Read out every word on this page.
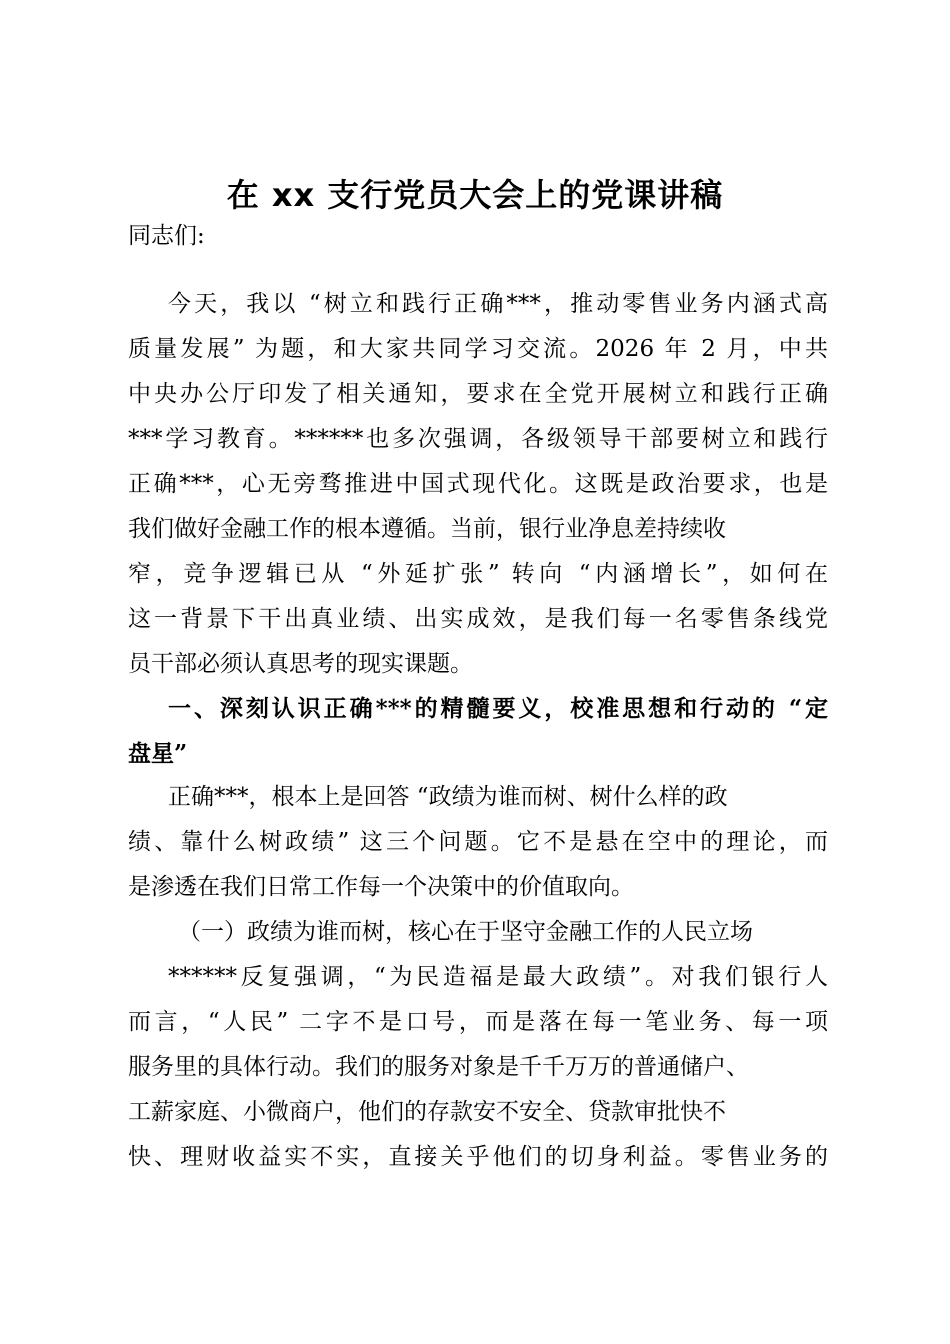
在 xx 支行党员大会上的党课讲稿
同志们:
今天，我以 “树立和践行正确***，推动零售业务内涵式高
质量发展” 为题，和大家共同学习交流。2026 年 2 月，中共
中央办公厅印发了相关通知，要求在全党开展树立和践行正确
***学习教育。******也多次强调，各级领导干部要树立和践行
正确***，心无旁骛推进中国式现代化。这既是政治要求，也是
我们做好金融工作的根本遵循。当前，银行业净息差持续收
窄，竞争逻辑已从 “外延扩张” 转向 “内涵增长”，如何在
这一背景下干出真业绩、出实成效，是我们每一名零售条线党
员干部必须认真思考的现实课题。
一、深刻认识正确***的精髓要义，校准思想和行动的 “定
盘星”
正确***，根本上是回答 “政绩为谁而树、树什么样的政
绩、靠什么树政绩” 这三个问题。它不是悬在空中的理论，而
是渗透在我们日常工作每一个决策中的价值取向。
（一）政绩为谁而树，核心在于坚守金融工作的人民立场
******反复强调，“为民造福是最大政绩”。对我们银行人
而言，“人民” 二字不是口号，而是落在每一笔业务、每一项
服务里的具体行动。我们的服务对象是千千万万的普通储户、
工薪家庭、小微商户，他们的存款安不安全、贷款审批快不
快、理财收益实不实，直接关乎他们的切身利益。零售业务的
